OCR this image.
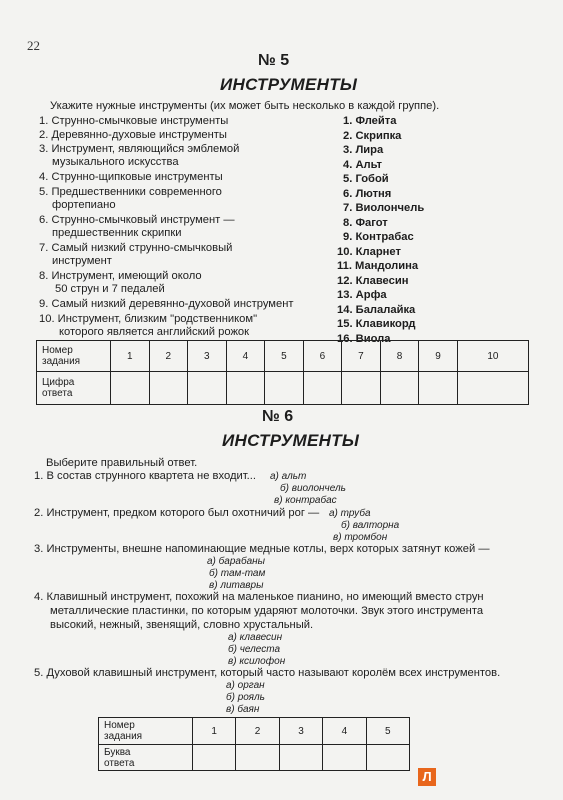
22
№ 5
ИНСТРУМЕНТЫ
Укажите нужные инструменты (их может быть несколько в каждой группе).
1. Струнно-смычковые инструменты
2. Деревянно-духовые инструменты
3. Инструмент, являющийся эмблемой
музыкального искусства
4. Струнно-щипковые инструменты
5. Предшественники современного
фортепиано
6. Струнно-смычковый инструмент —
предшественник скрипки
7. Самый низкий струнно-смычковый
инструмент
8. Инструмент, имеющий около
50 струн и 7 педалей
9. Самый низкий деревянно-духовой инструмент
10. Инструмент, близким "родственником"
которого является английский рожок
1. Флейта
2. Скрипка
3. Лира
4. Альт
5. Гобой
6. Лютня
7. Виолончель
8. Фагот
9. Контрабас
10. Кларнет
11. Мандолина
12. Клавесин
13. Арфа
14. Балалайка
15. Клавикорд
16. Виола
Номер
задания	1	2	3	4	5	6	7	8	9	10
Цифра
ответа										
№ 6
ИНСТРУМЕНТЫ
Выберите правильный ответ.
1. В состав струнного квартета не входит... а) альт
б) виолончель
в) контрабас
2. Инструмент, предком которого был охотничий рог — а) труба
б) валторна
в) тромбон
3. Инструменты, внешне напоминающие медные котлы, верх которых затянут кожей —
а) барабаны
б) там-там
в) литавры
4. Клавишный инструмент, похожий на маленькое пианино, но имеющий вместо струн
металлические пластинки, по которым ударяют молоточки. Звук этого инструмента
высокий, нежный, звенящий, словно хрустальный.
а) клавесин
б) челеста
в) ксилофон
5. Духовой клавишный инструмент, который часто называют королём всех инструментов.
а) орган
б) рояль
в) баян
Номер
задания	1	2	3	4	5
Буква
ответа					
Л
